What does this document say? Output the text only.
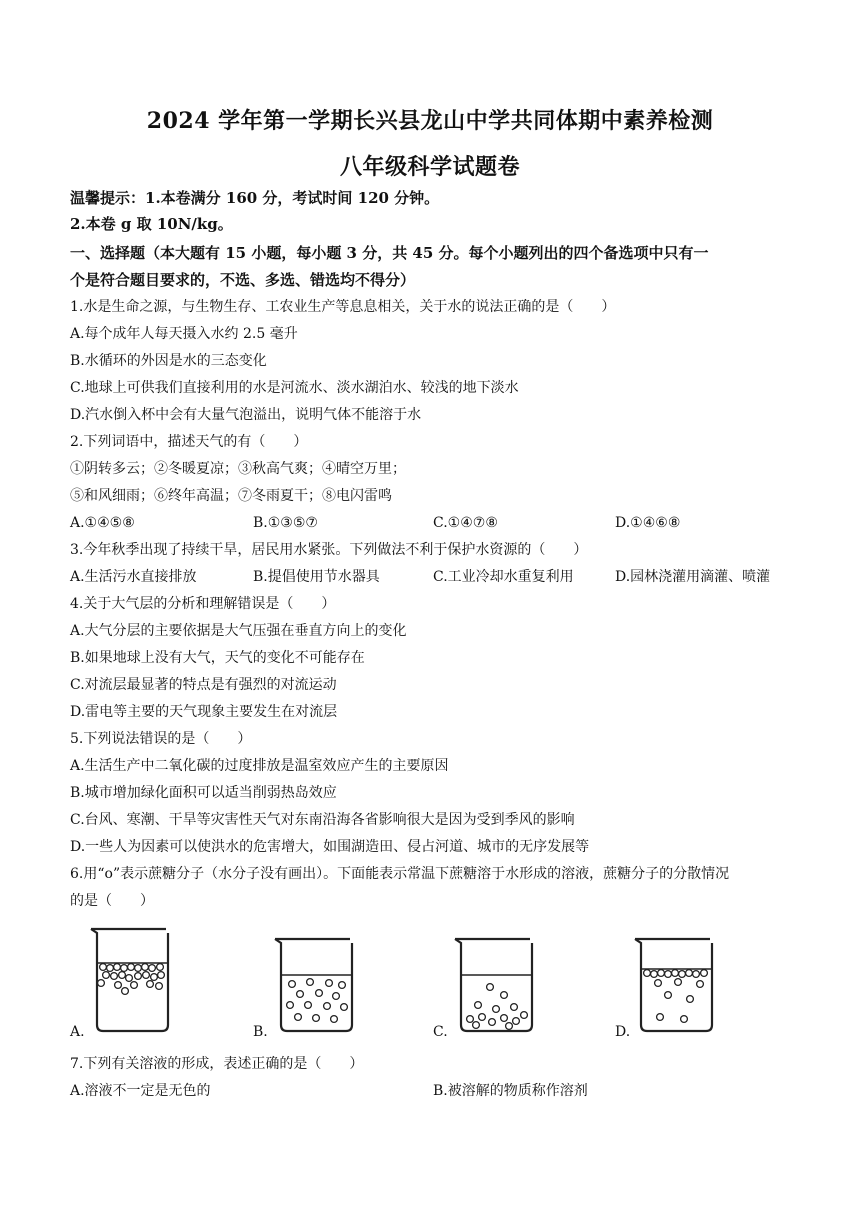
2024 学年第一学期长兴县龙山中学共同体期中素养检测
八年级科学试题卷
温馨提示：1.本卷满分 160 分，考试时间 120 分钟。
2.本卷 g 取 10N/kg。
一、选择题（本大题有 15 小题，每小题 3 分，共 45 分。每个小题列出的四个备选项中只有一
个是符合题目要求的，不选、多选、错选均不得分）
1.水是生命之源，与生物生存、工农业生产等息息相关，关于水的说法正确的是（　　）
A.每个成年人每天摄入水约 2.5 毫升
B.水循环的外因是水的三态变化
C.地球上可供我们直接利用的水是河流水、淡水湖泊水、较浅的地下淡水
D.汽水倒入杯中会有大量气泡溢出，说明气体不能溶于水
2.下列词语中，描述天气的有（　　）
①阴转多云；②冬暖夏凉；③秋高气爽；④晴空万里；
⑤和风细雨；⑥终年高温；⑦冬雨夏干；⑧电闪雷鸣
A.①④⑤⑧	B.①③⑤⑦	C.①④⑦⑧	D.①④⑥⑧
3.今年秋季出现了持续干旱，居民用水紧张。下列做法不利于保护水资源的（　　）
A.生活污水直接排放	B.提倡使用节水器具	C.工业冷却水重复利用	D.园林浇灌用滴灌、喷灌
4.关于大气层的分析和理解错误是（　　）
A.大气分层的主要依据是大气压强在垂直方向上的变化
B.如果地球上没有大气，天气的变化不可能存在
C.对流层最显著的特点是有强烈的对流运动
D.雷电等主要的天气现象主要发生在对流层
5.下列说法错误的是（　　）
A.生活生产中二氧化碳的过度排放是温室效应产生的主要原因
B.城市增加绿化面积可以适当削弱热岛效应
C.台风、寒潮、干旱等灾害性天气对东南沿海各省影响很大是因为受到季风的影响
D.一些人为因素可以使洪水的危害增大，如围湖造田、侵占河道、城市的无序发展等
6.用“o”表示蔗糖分子（水分子没有画出）。下面能表示常温下蔗糖溶于水形成的溶液，蔗糖分子的分散情况
的是（　　）
A.	B.	C.	D.
7.下列有关溶液的形成，表述正确的是（　　）
A.溶液不一定是无色的	B.被溶解的物质称作溶剂
